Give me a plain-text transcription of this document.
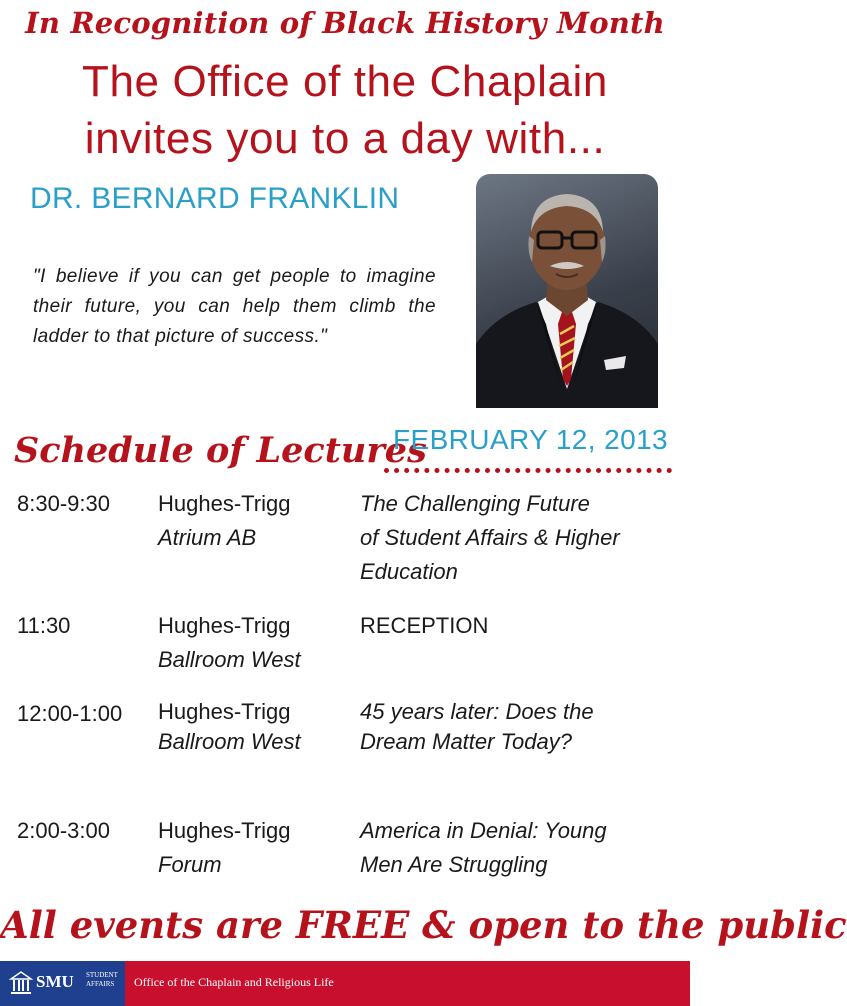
In Recognition of Black History Month
The Office of the Chaplain
invites you to a day with...
DR. BERNARD FRANKLIN
"I believe if you can get people to imagine their future, you can help them climb the ladder to that picture of success."
Schedule of Lectures
FEBRUARY 12, 2013
8:30-9:30 Hughes-Trigg
Atrium AB
The Challenging Future
of Student Affairs & Higher
Education
11:30	Hughes-Trigg
Ballroom West
RECEPTION
12:00-1:00 Hughes-Trigg
Ballroom West
45 years later: Does the
Dream Matter Today?
2:00-3:00 Hughes-Trigg
Forum
America in Denial: Young
Men Are Struggling
All events are FREE & open to the public
SMU STUDENT
AFFAIRS	Office of the Chaplain and Religious Life
